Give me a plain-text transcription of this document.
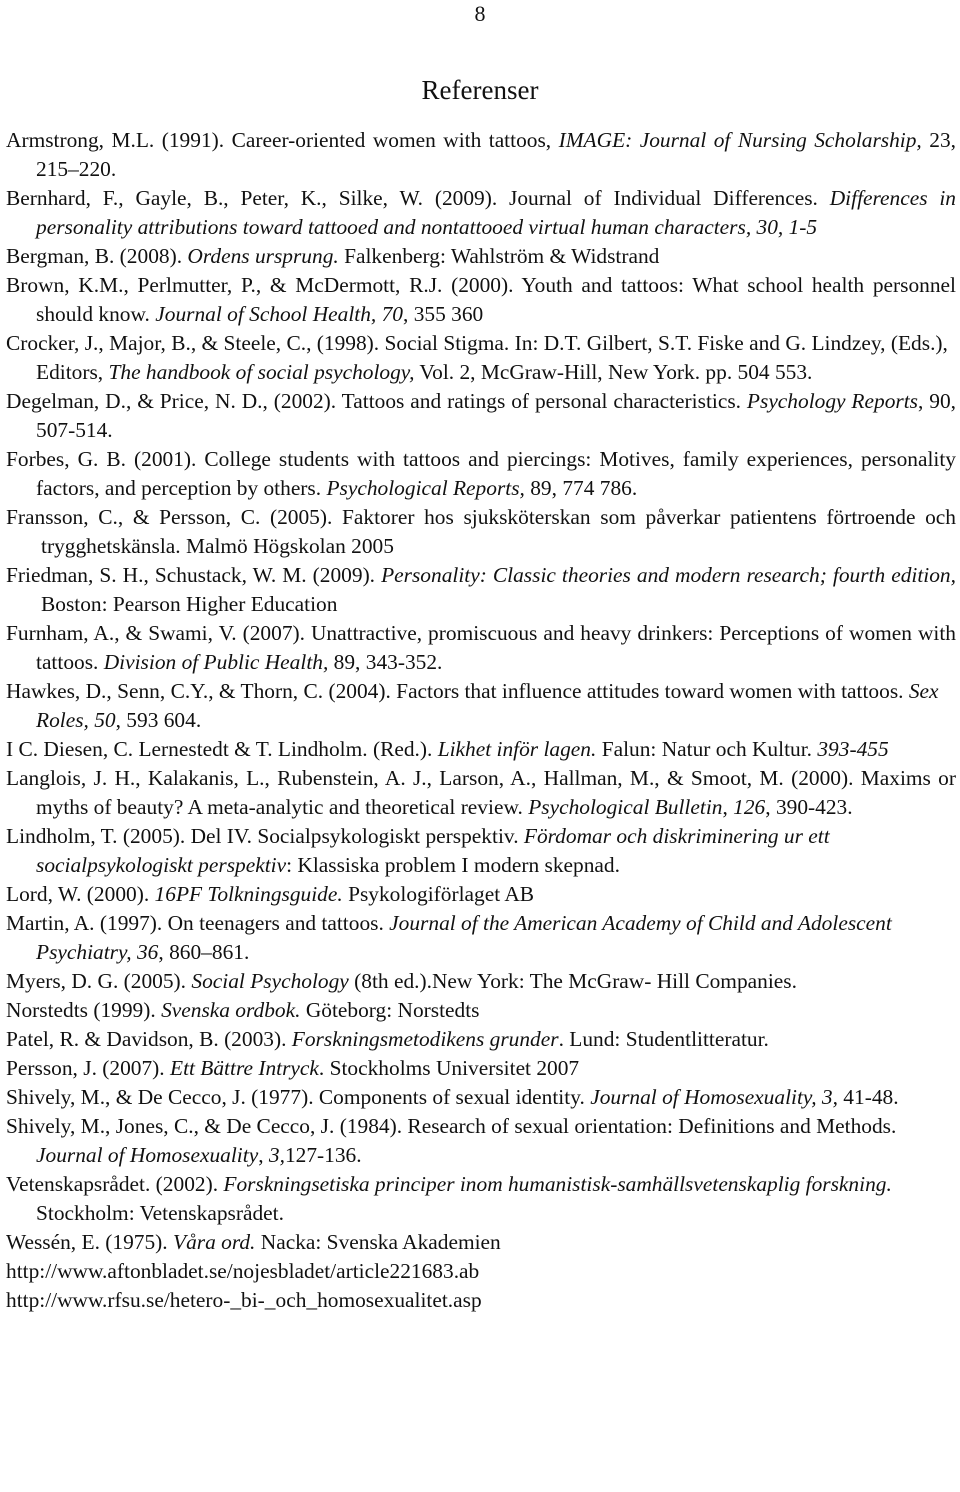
8
Referenser
Armstrong, M.L. (1991). Career-oriented women with tattoos, IMAGE: Journal of Nursing Scholarship, 23, 215–220.
Bernhard, F., Gayle, B., Peter, K., Silke, W. (2009). Journal of Individual Differences. Differences in personality attributions toward tattooed and nontattooed virtual human characters, 30, 1-5
Bergman, B. (2008). Ordens ursprung. Falkenberg: Wahlström & Widstrand
Brown, K.M., Perlmutter, P., & McDermott, R.J. (2000). Youth and tattoos: What school health personnel should know. Journal of School Health, 70, 355 360
Crocker, J., Major, B., & Steele, C., (1998). Social Stigma. In: D.T. Gilbert, S.T. Fiske and G. Lindzey, (Eds.), Editors, The handbook of social psychology, Vol. 2, McGraw-Hill, New York. pp. 504 553.
Degelman, D., & Price, N. D., (2002). Tattoos and ratings of personal characteristics. Psychology Reports, 90, 507-514.
Forbes, G. B. (2001). College students with tattoos and piercings: Motives, family experiences, personality factors, and perception by others. Psychological Reports, 89, 774 786.
Fransson, C., & Persson, C. (2005). Faktorer hos sjuksköterskan som påverkar patientens förtroende och trygghetskänsla. Malmö Högskolan 2005
Friedman, S. H., Schustack, W. M. (2009). Personality: Classic theories and modern research; fourth edition, Boston: Pearson Higher Education
Furnham, A., & Swami, V. (2007). Unattractive, promiscuous and heavy drinkers: Perceptions of women with tattoos. Division of Public Health, 89, 343-352.
Hawkes, D., Senn, C.Y., & Thorn, C. (2004). Factors that influence attitudes toward women with tattoos. Sex Roles, 50, 593 604.
I C. Diesen, C. Lernestedt & T. Lindholm. (Red.). Likhet inför lagen. Falun: Natur och Kultur. 393-455
Langlois, J. H., Kalakanis, L., Rubenstein, A. J., Larson, A., Hallman, M., & Smoot, M. (2000). Maxims or myths of beauty? A meta-analytic and theoretical review. Psychological Bulletin, 126, 390-423.
Lindholm, T. (2005). Del IV. Socialpsykologiskt perspektiv. Fördomar och diskriminering ur ett socialpsykologiskt perspektiv: Klassiska problem I modern skepnad.
Lord, W. (2000). 16PF Tolkningsguide. Psykologiförlaget AB
Martin, A. (1997). On teenagers and tattoos. Journal of the American Academy of Child and Adolescent Psychiatry, 36, 860–861.
Myers, D. G. (2005). Social Psychology (8th ed.).New York: The McGraw- Hill Companies.
Norstedts (1999). Svenska ordbok. Göteborg: Norstedts
Patel, R. & Davidson, B. (2003). Forskningsmetodikens grunder. Lund: Studentlitteratur.
Persson, J. (2007). Ett Bättre Intryck. Stockholms Universitet 2007
Shively, M., & De Cecco, J. (1977). Components of sexual identity. Journal of Homosexuality, 3, 41-48.
Shively, M., Jones, C., & De Cecco, J. (1984). Research of sexual orientation: Definitions and Methods. Journal of Homosexuality, 3,127-136.
Vetenskapsrådet. (2002). Forskningsetiska principer inom humanistisk-samhällsvetenskaplig forskning. Stockholm: Vetenskapsrådet.
Wessén, E. (1975). Våra ord. Nacka: Svenska Akademien
http://www.aftonbladet.se/nojesbladet/article221683.ab
http://www.rfsu.se/hetero-_bi-_och_homosexualitet.asp
